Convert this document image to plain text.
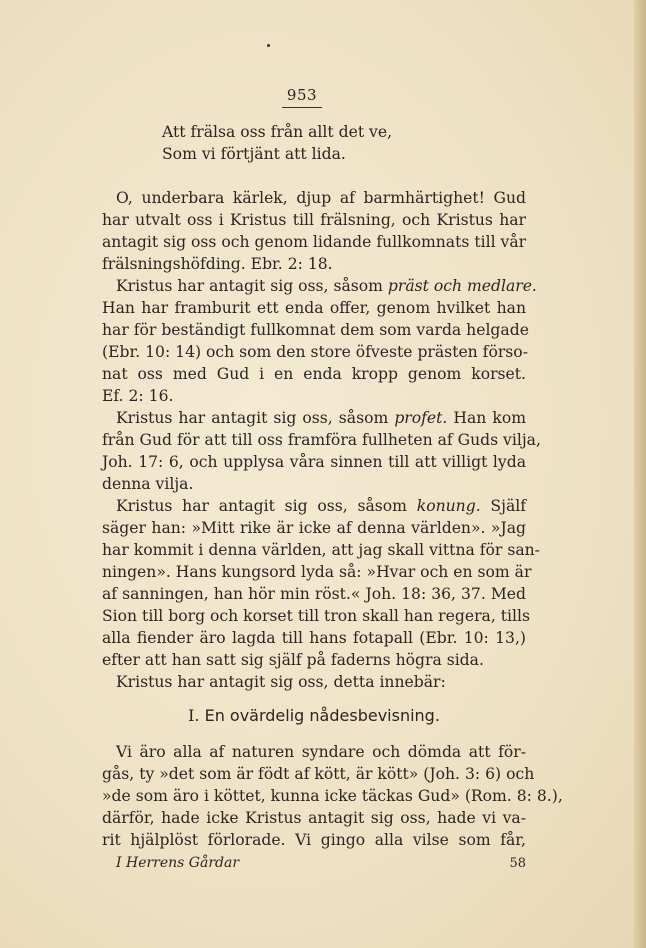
953
Att frälsa oss från allt det ve,
Som vi förtjänt att lida.
O, underbara kärlek, djup af barmhärtighet! Gud
har utvalt oss i Kristus till frälsning, och Kristus har
antagit sig oss och genom lidande fullkomnats till vår
frälsningshöfding. Ebr. 2: 18.
Kristus har antagit sig oss, såsom präst och medlare.
Han har framburit ett enda offer, genom hvilket han
har för beständigt fullkomnat dem som varda helgade
(Ebr. 10: 14) och som den store öfveste prästen förso-
nat oss med Gud i en enda kropp genom korset.
Ef. 2: 16.
Kristus har antagit sig oss, såsom profet. Han kom
från Gud för att till oss framföra fullheten af Guds vilja,
Joh. 17: 6, och upplysa våra sinnen till att villigt lyda
denna vilja.
Kristus har antagit sig oss, såsom konung. Själf
säger han: »Mitt rike är icke af denna världen». »Jag
har kommit i denna världen, att jag skall vittna för san-
ningen». Hans kungsord lyda så: »Hvar och en som är
af sanningen, han hör min röst.« Joh. 18: 36, 37. Med
Sion till borg och korset till tron skall han regera, tills
alla fiender äro lagda till hans fotapall (Ebr. 10: 13,)
efter att han satt sig själf på faderns högra sida.
Kristus har antagit sig oss, detta innebär:
I. En ovärdelig nådesbevisning.
Vi äro alla af naturen syndare och dömda att för-
gås, ty »det som är födt af kött, är kött» (Joh. 3: 6) och
»de som äro i köttet, kunna icke täckas Gud» (Rom. 8: 8.),
därför, hade icke Kristus antagit sig oss, hade vi va-
rit hjälplöst förlorade. Vi gingo alla vilse som får,
I Herrens Gårdar	58
